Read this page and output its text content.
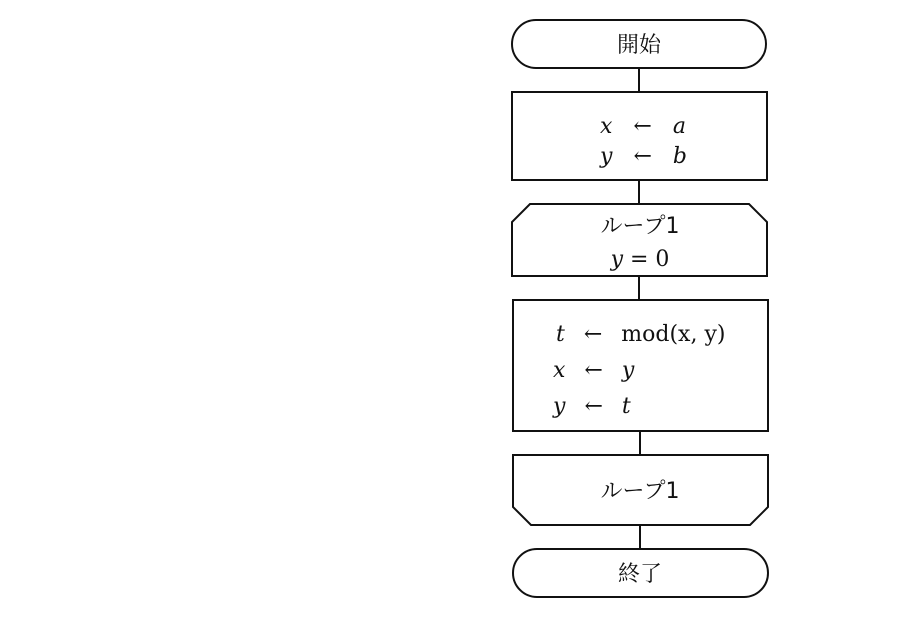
開始
x ← a
y ← b
ループ1
y = 0
t ← mod(x, y)
x ← y
y ← t
ループ1
終了
